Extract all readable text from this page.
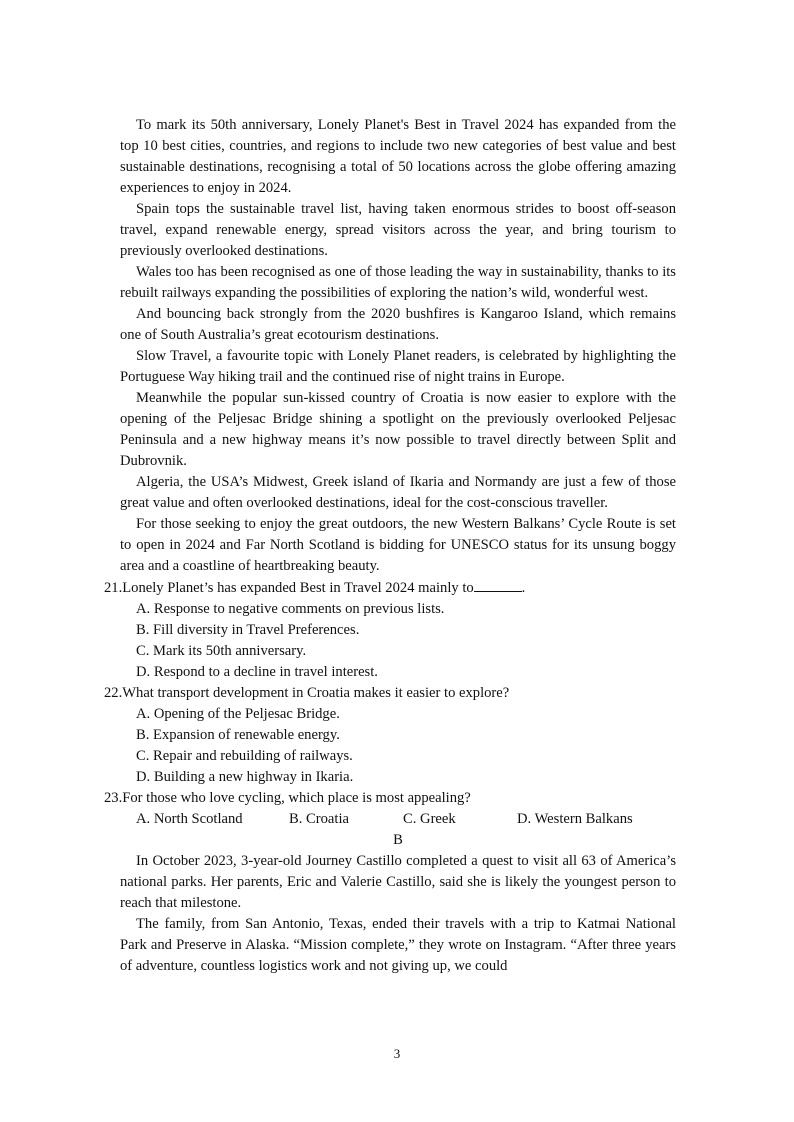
To mark its 50th anniversary, Lonely Planet's Best in Travel 2024 has expanded from the top 10 best cities, countries, and regions to include two new categories of best value and best sustainable destinations, recognising a total of 50 locations across the globe offering amazing experiences to enjoy in 2024.

Spain tops the sustainable travel list, having taken enormous strides to boost off-season travel, expand renewable energy, spread visitors across the year, and bring tourism to previously overlooked destinations.

Wales too has been recognised as one of those leading the way in sustainability, thanks to its rebuilt railways expanding the possibilities of exploring the nation’s wild, wonderful west.

And bouncing back strongly from the 2020 bushfires is Kangaroo Island, which remains one of South Australia’s great ecotourism destinations.

Slow Travel, a favourite topic with Lonely Planet readers, is celebrated by highlighting the Portuguese Way hiking trail and the continued rise of night trains in Europe.

Meanwhile the popular sun-kissed country of Croatia is now easier to explore with the opening of the Peljesac Bridge shining a spotlight on the previously overlooked Peljesac Peninsula and a new highway means it’s now possible to travel directly between Split and Dubrovnik.

Algeria, the USA’s Midwest, Greek island of Ikaria and Normandy are just a few of those great value and often overlooked destinations, ideal for the cost-conscious traveller.

For those seeking to enjoy the great outdoors, the new Western Balkans’ Cycle Route is set to open in 2024 and Far North Scotland is bidding for UNESCO status for its unsung boggy area and a coastline of heartbreaking beauty.

21.Lonely Planet’s has expanded Best in Travel 2024 mainly to	.

A. Response to negative comments on previous lists.

B. Fill diversity in Travel Preferences.

C. Mark its 50th anniversary.

D. Respond to a decline in travel interest.

22.What transport development in Croatia makes it easier to explore?

A. Opening of the Peljesac Bridge.

B. Expansion of renewable energy.

C. Repair and rebuilding of railways.

D. Building a new highway in Ikaria.

23.For those who love cycling, which place is most appealing?

A. North Scotland	B. Croatia	C. Greek	D. Western Balkans

B

In October 2023, 3-year-old Journey Castillo completed a quest to visit all 63 of America’s national parks. Her parents, Eric and Valerie Castillo, said she is likely the youngest person to reach that milestone.

The family, from San Antonio, Texas, ended their travels with a trip to Katmai National Park and Preserve in Alaska. “Mission complete,” they wrote on Instagram. “After three years of adventure, countless logistics work and not giving up, we could

3
